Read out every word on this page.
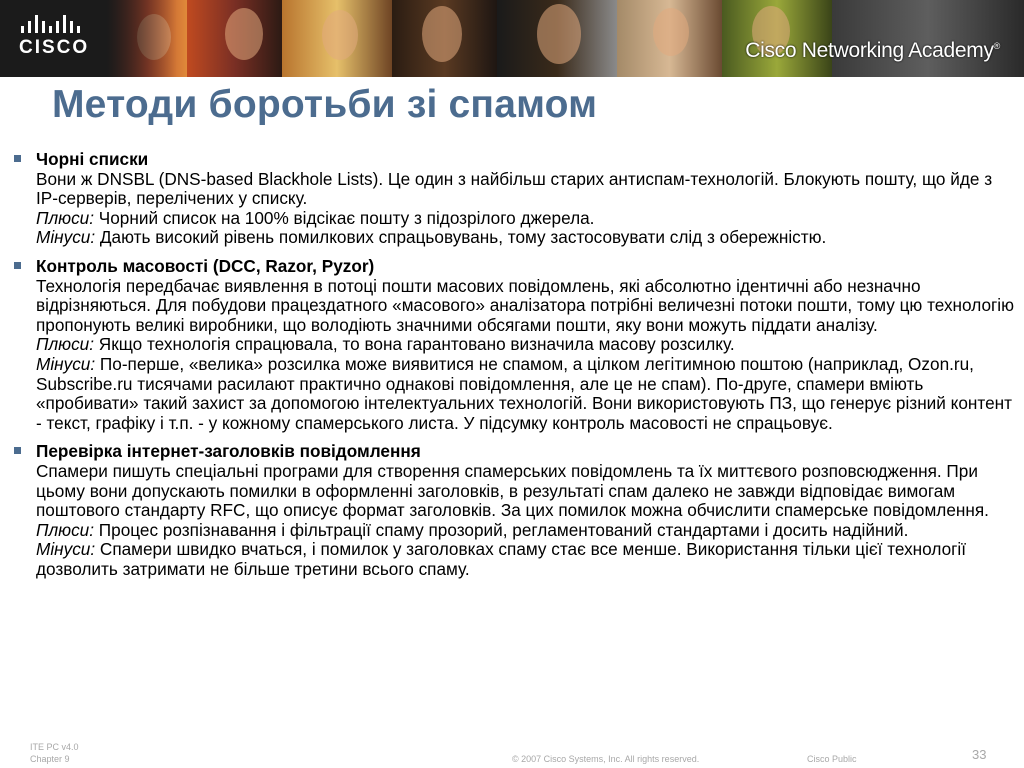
CISCO	Cisco Networking Academy®
Методи боротьби зі спамом
Чорні списки
Вони ж DNSBL (DNS-based Blackhole Lists). Це один з найбільш старих антиспам-технологій. Блокують пошту, що йде з IP-серверів, перелічених у списку.
Плюси: Чорний список на 100% відсікає пошту з підозрілого джерела.
Мінуси: Дають високий рівень помилкових спрацьовувань, тому застосовувати слід з обережністю.
Контроль масовості (DCC, Razor, Pyzor)
Технологія передбачає виявлення в потоці пошти масових повідомлень, які абсолютно ідентичні або незначно відрізняються. Для побудови працездатного «масового» аналізатора потрібні величезні потоки пошти, тому цю технологію пропонують великі виробники, що володіють значними обсягами пошти, яку вони можуть піддати аналізу.
Плюси: Якщо технологія спрацювала, то вона гарантовано визначила масову розсилку.
Мінуси: По-перше, «велика» розсилка може виявитися не спамом, а цілком легітимною поштою (наприклад, Ozon.ru, Subscribe.ru тисячами расилают практично однакові повідомлення, але це не спам). По-друге, спамери вміють «пробивати» такий захист за допомогою інтелектуальних технологій. Вони використовують ПЗ, що генерує різний контент - текст, графіку і т.п. - у кожному спамерського листа. У підсумку контроль масовості не спрацьовує.
Перевірка інтернет-заголовків повідомлення
Спамери пишуть спеціальні програми для створення спамерських повідомлень та їх миттєвого розповсюдження. При цьому вони допускають помилки в оформленні заголовків, в результаті спам далеко не завжди відповідає вимогам поштового стандарту RFC, що описує формат заголовків. За цих помилок можна обчислити спамерське повідомлення.
Плюси: Процес розпізнавання і фільтрації спаму прозорий, регламентований стандартами і досить надійний.
Мінуси: Спамери швидко вчаться, і помилок у заголовках спаму стає все менше. Використання тільки цієї технології дозволить затримати не більше третини всього спаму.
ITE PC v4.0
Chapter 9	© 2007 Cisco Systems, Inc. All rights reserved.	Cisco Public	33
